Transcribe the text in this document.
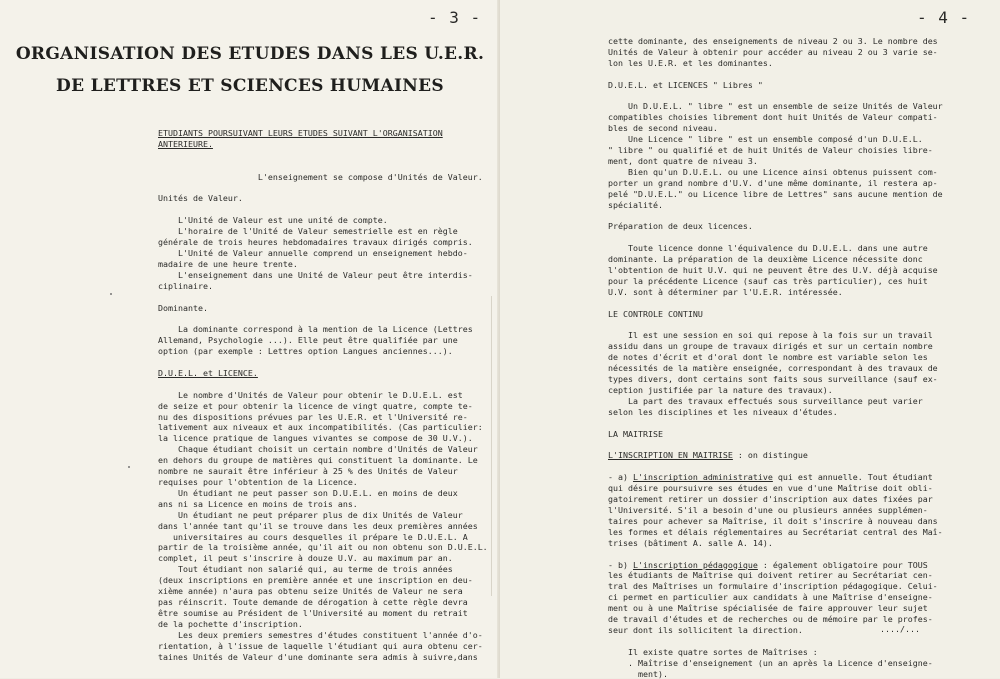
- 3 -
ORGANISATION DES ETUDES DANS LES U.E.R.
DE LETTRES ET SCIENCES HUMAINES
ETUDIANTS POURSUIVANT LEURS ETUDES SUIVANT L'ORGANISATION
ANTERIEURE.

L'enseignement se compose d'Unités de Valeur.

Unités de Valeur.

L'Unité de Valeur est une unité de compte.
L'horaire de l'Unité de Valeur semestrielle est en règle
générale de trois heures hebdomadaires travaux dirigés compris.
L'Unité de Valeur annuelle comprend un enseignement hebdo-
madaire de une heure trente.
L'enseignement dans une Unité de Valeur peut être interdis-
ciplinaire.

Dominante.

La dominante correspond à la mention de la Licence (Lettres
Allemand, Psychologie ...). Elle peut être qualifiée par une
option (par exemple : Lettres option Langues anciennes...).

D.U.E.L. et LICENCE.

Le nombre d'Unités de Valeur pour obtenir le D.U.E.L. est
de seize et pour obtenir la licence de vingt quatre, compte te-
nu des dispositions prévues par les U.E.R. et l'Université re-
lativement aux niveaux et aux incompatibilités. (Cas particulier:
la licence pratique de langues vivantes se compose de 30 U.V.).
Chaque étudiant choisit un certain nombre d'Unités de Valeur
en dehors du groupe de matières qui constituent la dominante. Le
nombre ne saurait être inférieur à 25 % des Unités de Valeur
requises pour l'obtention de la Licence.
Un étudiant ne peut passer son D.U.E.L. en moins de deux
ans ni sa Licence en moins de trois ans.
Un étudiant ne peut préparer plus de dix Unités de Valeur
dans l'année tant qu'il se trouve dans les deux premières années
universitaires au cours desquelles il prépare le D.U.E.L. A
partir de la troisième année, qu'il ait ou non obtenu son D.U.E.L.
complet, il peut s'inscrire à douze U.V. au maximum par an.
Tout étudiant non salarié qui, au terme de trois années
(deux inscriptions en première année et une inscription en deu-
xième année) n'aura pas obtenu seize Unités de Valeur ne sera
pas réinscrit. Toute demande de dérogation à cette règle devra
être soumise au Président de l'Université au moment du retrait
de la pochette d'inscription.
Les deux premiers semestres d'études constituent l'année d'o-
rientation, à l'issue de laquelle l'étudiant qui aura obtenu cer-
taines Unités de Valeur d'une dominante sera admis à suivre,dans
- 4 -
cette dominante, des enseignements de niveau 2 ou 3. Le nombre des
Unités de Valeur à obtenir pour accéder au niveau 2 ou 3 varie se-
lon les U.E.R. et les dominantes.

D.U.E.L. et LICENCES " Libres "

Un D.U.E.L. " libre " est un ensemble de seize Unités de Valeur
compatibles choisies librement dont huit Unités de Valeur compati-
bles de second niveau.
Une Licence " libre " est un ensemble composé d'un D.U.E.L.
" libre " ou qualifié et de huit Unités de Valeur choisies libre-
ment, dont quatre de niveau 3.
Bien qu'un D.U.E.L. ou une Licence ainsi obtenus puissent com-
porter un grand nombre d'U.V. d'une même dominante, il restera ap-
pelé "D.U.E.L." ou Licence libre de Lettres" sans aucune mention de
spécialité.

Préparation de deux licences.

Toute licence donne l'équivalence du D.U.E.L. dans une autre
dominante. La préparation de la deuxième Licence nécessite donc
l'obtention de huit U.V. qui ne peuvent être des U.V. déjà acquise
pour la précédente Licence (sauf cas très particulier), ces huit
U.V. sont à déterminer par l'U.E.R. intéressée.

LE CONTROLE CONTINU

Il est une session en soi qui repose à la fois sur un travail
assidu dans un groupe de travaux dirigés et sur un certain nombre
de notes d'écrit et d'oral dont le nombre est variable selon les
nécessités de la matière enseignée, correspondant à des travaux de
types divers, dont certains sont faits sous surveillance (sauf ex-
ception justifiée par la nature des travaux).
La part des travaux effectués sous surveillance peut varier
selon les disciplines et les niveaux d'études.

LA MAITRISE

L'INSCRIPTION EN MAITRISE : on distingue

- a) L'inscription administrative qui est annuelle. Tout étudiant
qui désire poursuivre ses études en vue d'une Maîtrise doit obli-
gatoirement retirer un dossier d'inscription aux dates fixées par
l'Université. S'il a besoin d'une ou plusieurs années supplémen-
taires pour achever sa Maîtrise, il doit s'inscrire à nouveau dans
les formes et délais réglementaires au Secrétariat central des Maî-
trises (bâtiment A. salle A. 14).

- b) L'inscription pédagogique : également obligatoire pour TOUS
les étudiants de Maîtrise qui doivent retirer au Secrétariat cen-
tral des Maîtrises un formulaire d'inscription pédagogique. Celui-
ci permet en particulier aux candidats à une Maîtrise d'enseigne-
ment ou à une Maîtrise spécialisée de faire approuver leur sujet
de travail d'études et de recherches ou de mémoire par le profes-
seur dont ils sollicitent la direction.

Il existe quatre sortes de Maîtrises :
. Maîtrise d'enseignement (un an après la Licence d'enseigne-
ment).
..../...
